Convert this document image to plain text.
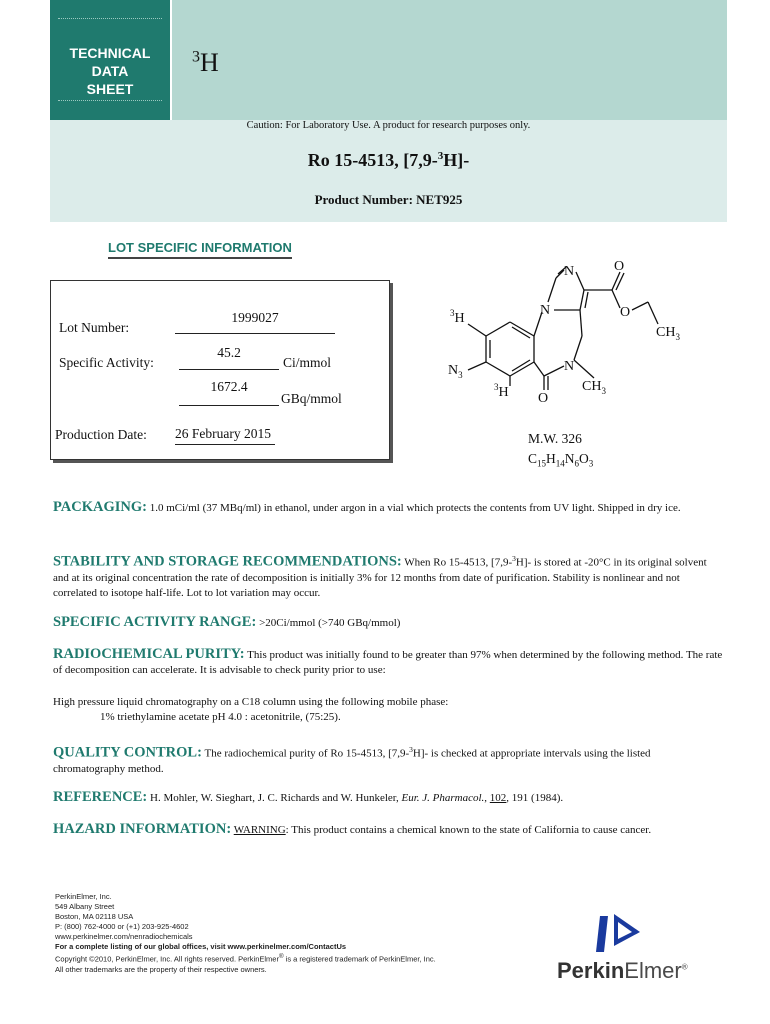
TECHNICAL
DATA
SHEET
$^3$H
Caution: For Laboratory Use. A product for research purposes only.
Ro 15-4513, [7,9-$^3$H]-
Product Number: NET925
LOT SPECIFIC INFORMATION
Lot Number:
1999027
Specific Activity:
45.2
Ci/mmol
1672.4
GBq/mmol
Production Date: 26 February 2015
N	O
O
$CH_3$
N
$^3$H
$N_3$
N
$CH_3$
$^3$H O
M.W. 326
$C_{15}H_{14}N_6O_3$
PACKAGING: 1.0 mCi/ml (37 MBq/ml) in ethanol, under argon in a vial which protects the contents from UV light. Shipped in dry ice.
STABILITY AND STORAGE RECOMMENDATIONS: When Ro 15-4513, [7,9-$^3$H]- is stored at -20°C in its original solvent and at its original concentration the rate of decomposition is initially 3% for 12 months from date of purification. Stability is nonlinear and not correlated to isotope half-life. Lot to lot variation may occur.
SPECIFIC ACTIVITY RANGE: >20Ci/mmol (>740 GBq/mmol)
RADIOCHEMICAL PURITY: This product was initially found to be greater than 97% when determined by the following method. The rate of decomposition can accelerate. It is advisable to check purity prior to use:
High pressure liquid chromatography on a C18 column using the following mobile phase:
1% triethylamine acetate pH 4.0 : acetonitrile, (75:25).
QUALITY CONTROL: The radiochemical purity of Ro 15-4513, [7,9-$^3$H]- is checked at appropriate intervals using the listed chromatography method.
REFERENCE: H. Mohler, W. Sieghart, J. C. Richards and W. Hunkeler, Eur. J. Pharmacol., 102, 191 (1984).
HAZARD INFORMATION: WARNING: This product contains a chemical known to the state of California to cause cancer.
PerkinElmer, Inc.
549 Albany Street
Boston, MA 02118 USA
P: (800) 762-4000 or (+1) 203-925-4602
www.perkinelmer.com/nenradiochemicals
For a complete listing of our global offices, visit www.perkinelmer.com/ContactUs
Copyright ©2010, PerkinElmer, Inc. All rights reserved. PerkinElmer® is a registered trademark of PerkinElmer, Inc.
All other trademarks are the property of their respective owners.	PerkinElmer®
